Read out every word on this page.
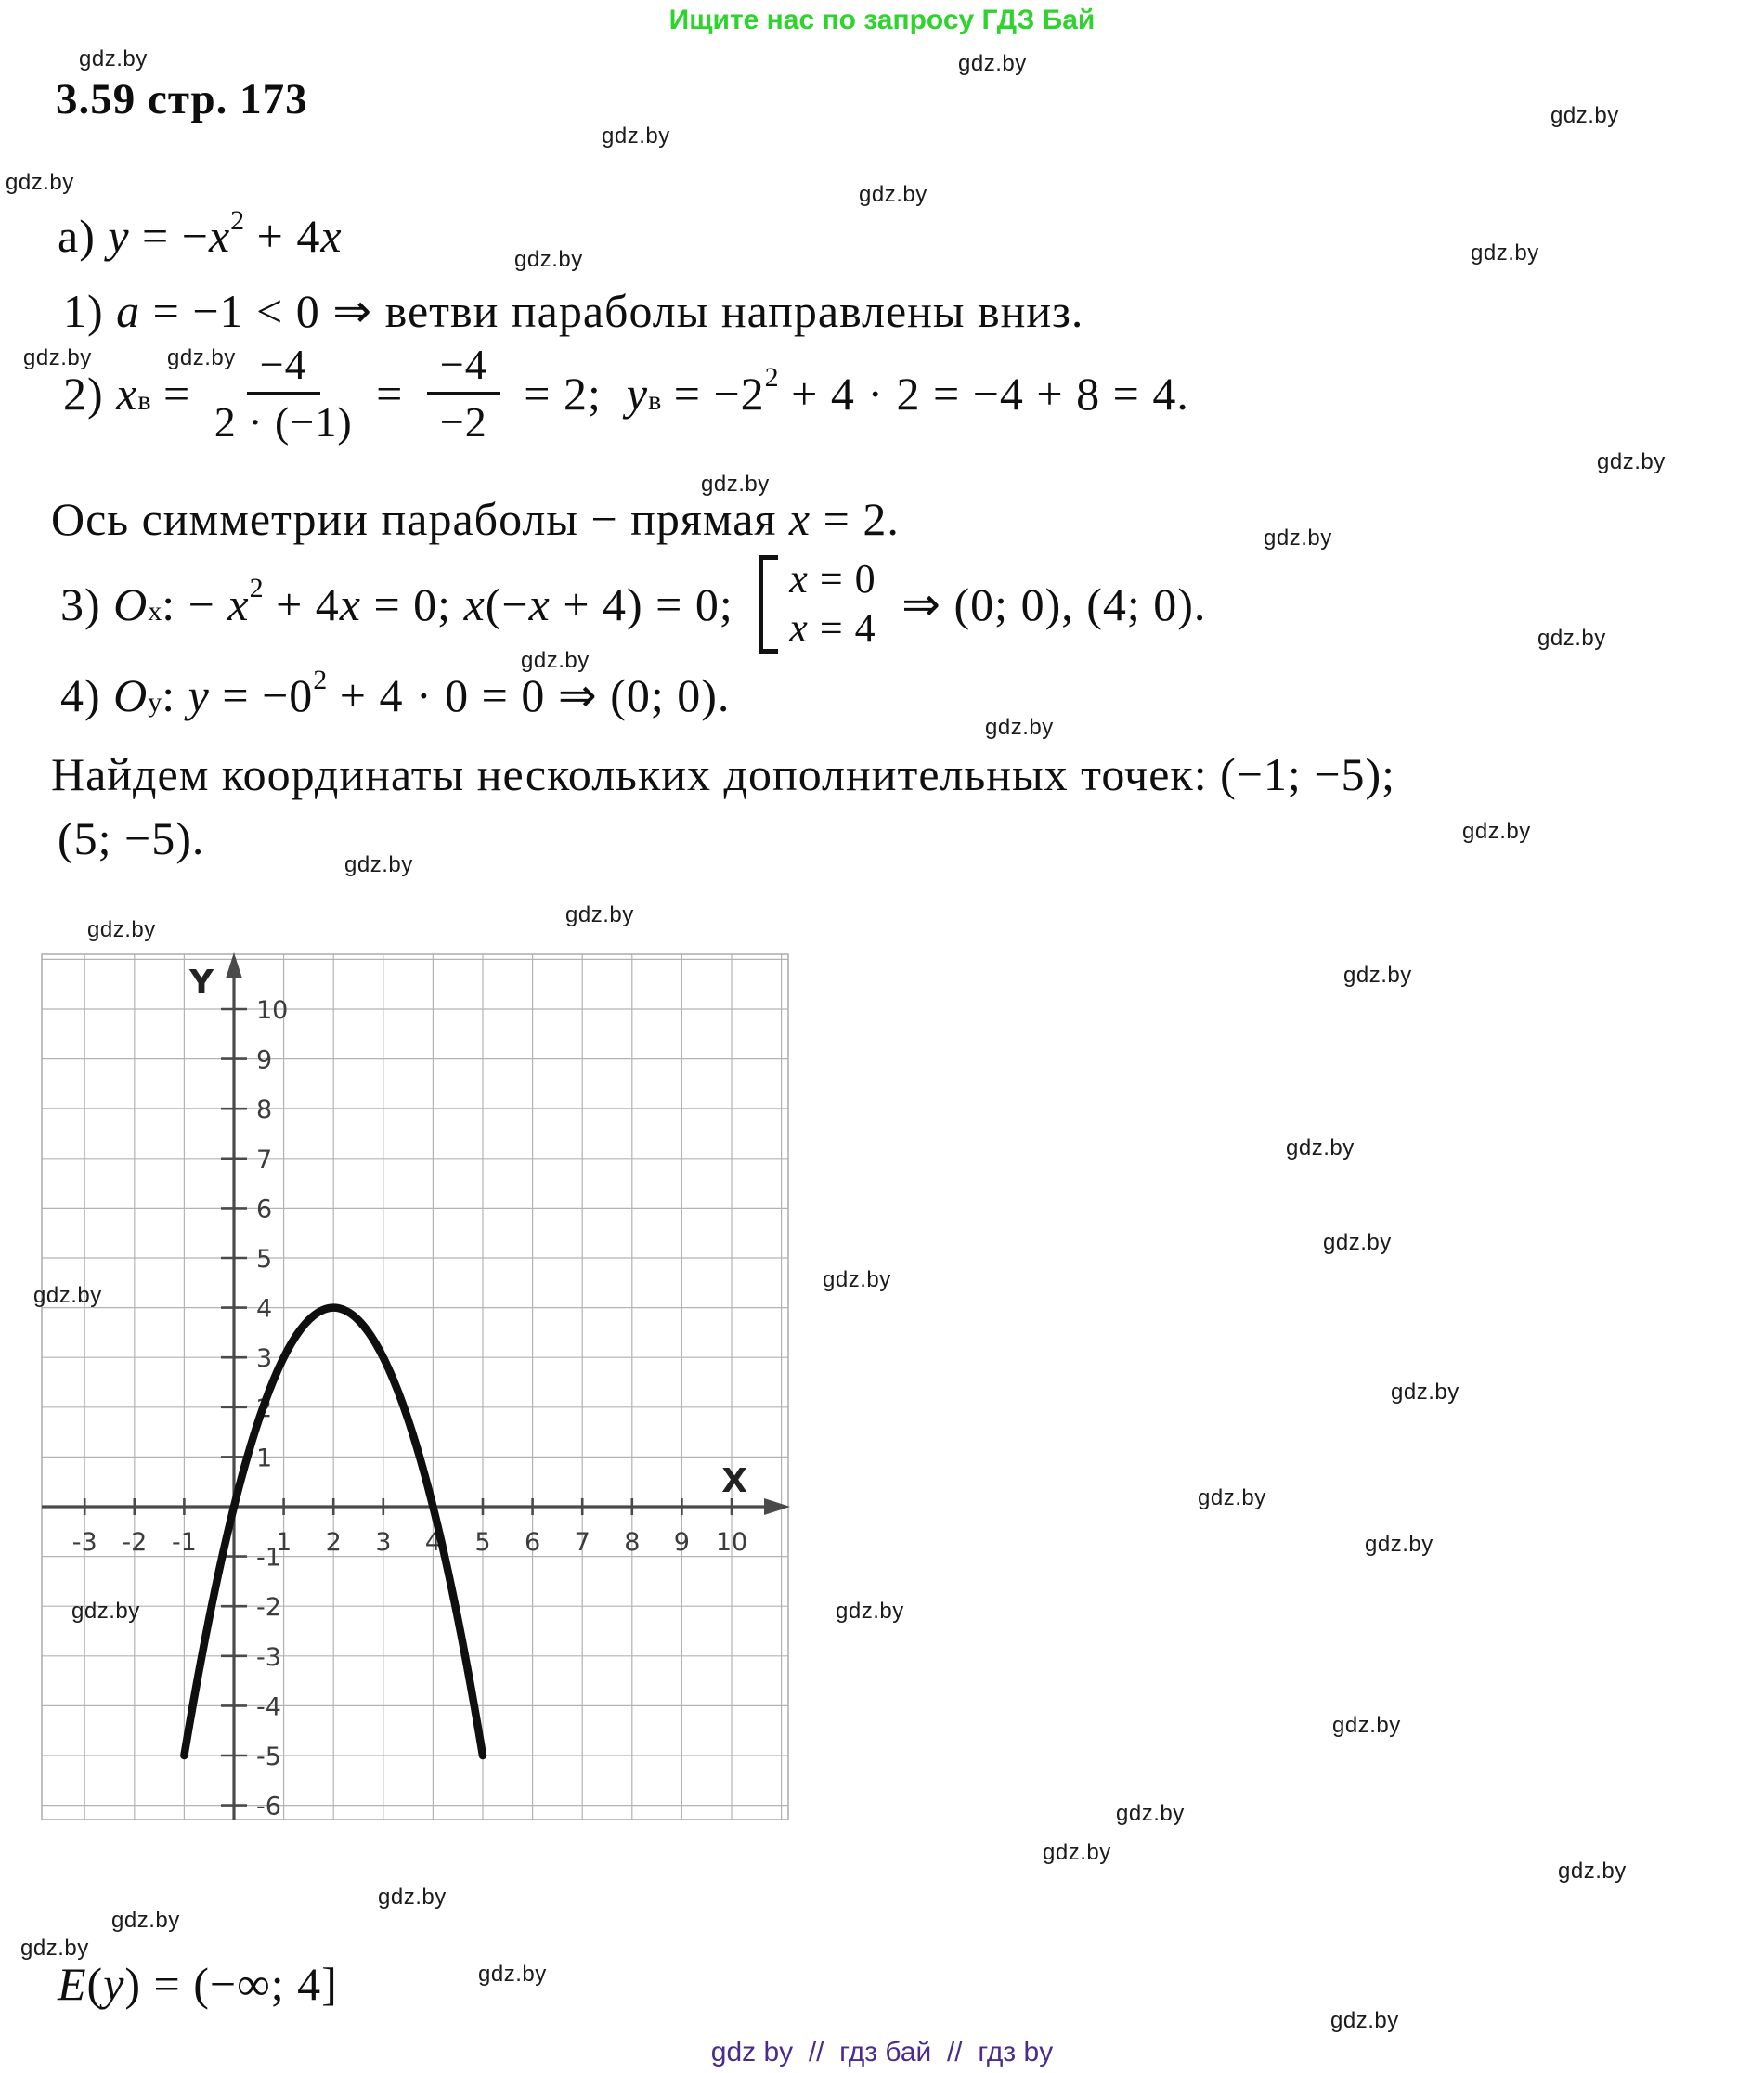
Ищите нас по запросу ГДЗ Бай
3.59 стр. 173
-3 -2 -1	1 2 3 4 5 6 7 8 9 10
10
9
8
7
6
5
4
3
2
1
-1
-2
-3
-4
-5
-6
Y
X
а) y = − x 2 + 4 x
1) a = −1 < 0 ⇒ ветви параболы направлены вниз.
2) x $в = \frac{-4}{2 \cdot (-1)} = \frac{-4}{-2} = 2$; y в = −2 2 + 4 · 2 = −4 + 8 = 4.
Ось симметрии параболы − прямая x = 2.
3) O x : − x 2 + 4 x = 0; x (− x + 4) = 0; x = 0
x = 4 ⇒ (0; 0), (4; 0).
4) O y : y = −0 2 + 4 · 0 = 0 ⇒ (0; 0).
Найдем координаты нескольких дополнительных точек: (−1; −5);
(5; −5).
E ( y ) = (−∞; 4]
gdz.by	gdz.by
gdz.by
gdz.by
gdz.by	gdz.by
gdz.by	gdz.by
gdz.by	gdz.by
gdz.by
gdz.by
gdz.by
gdz.by
gdz.by
gdz.by
gdz.by
gdz.by
gdz.by
gdz.by
gdz.by
gdz.by
gdz.by
gdz.by
gdz.by
gdz.by
gdz.by
gdz.by
gdz.by
gdz.by
gdz.by
gdz.by
gdz.by
gdz.by
gdz.by
gdz.by
gdz.by
gdz.by
gdz.by
gdz by  //  гдз бай  //  гдз by
